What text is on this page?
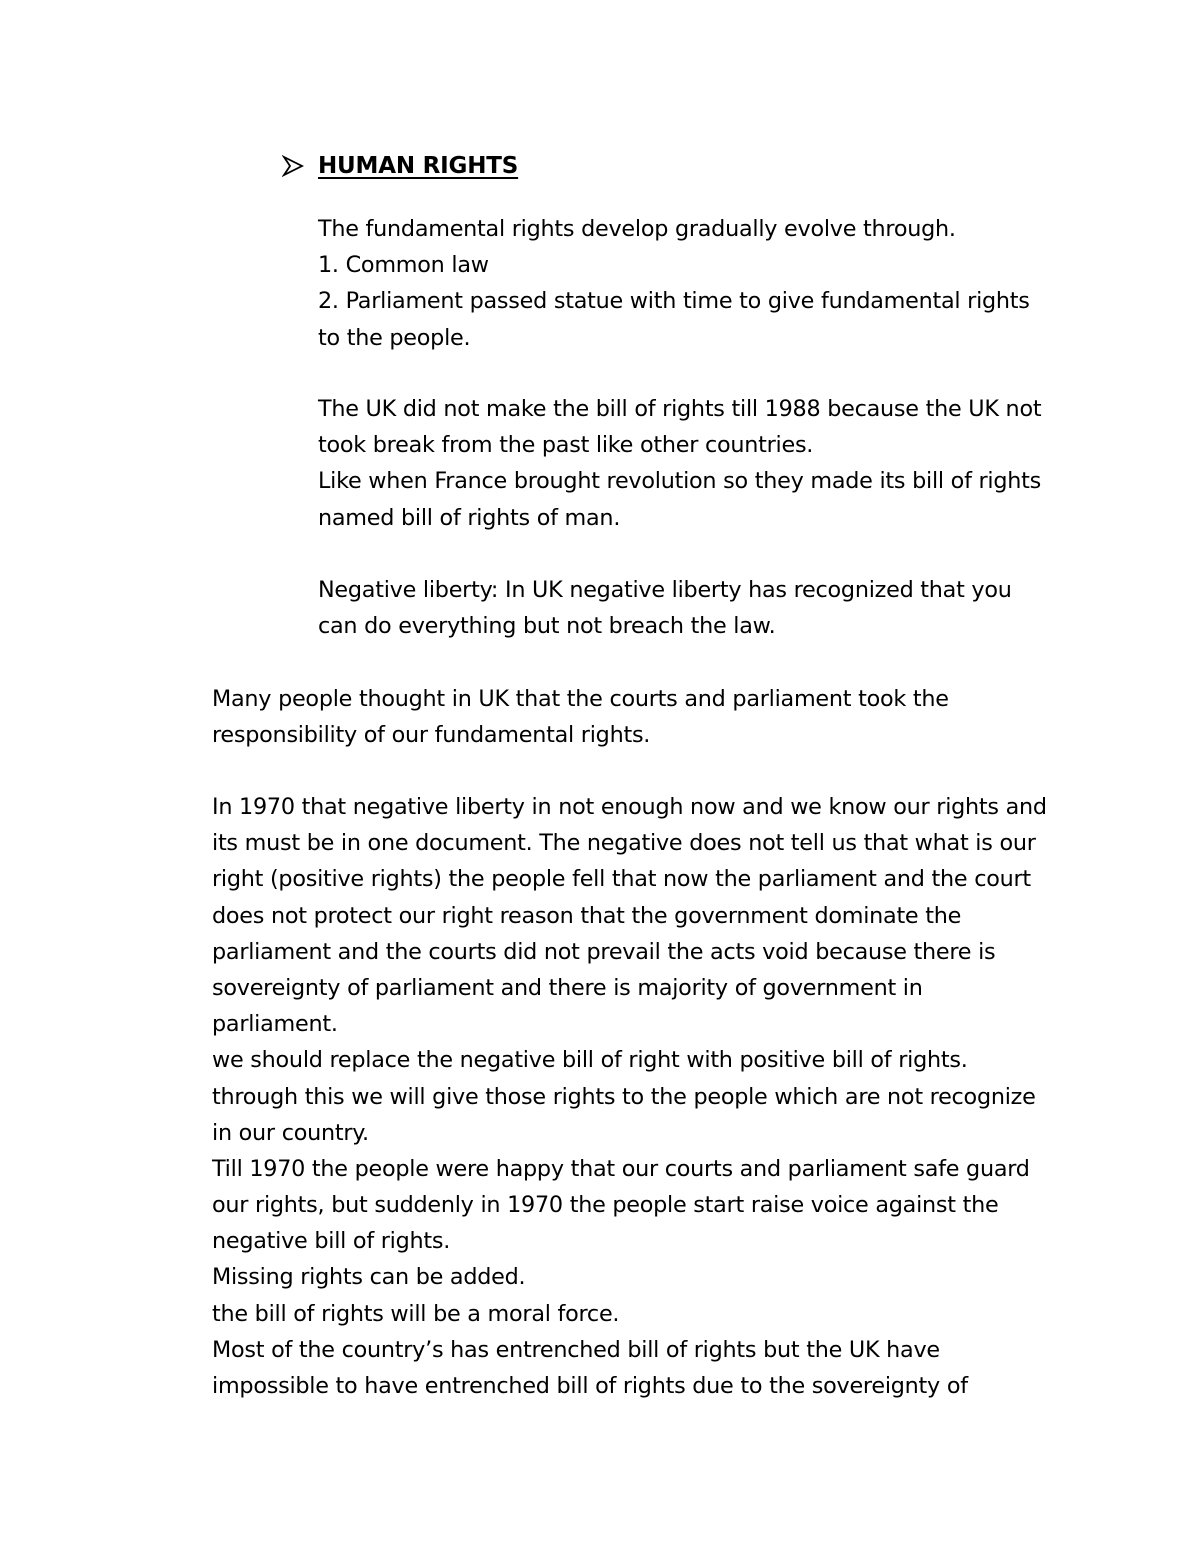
HUMAN RIGHTS
The fundamental rights develop gradually evolve through.
1. Common law
2. Parliament passed statue with time to give fundamental rights
to the people.
The UK did not make the bill of rights till 1988 because the UK not
took break from the past like other countries.
Like when France brought revolution so they made its bill of rights
named bill of rights of man.
Negative liberty: In UK negative liberty has recognized that you
can do everything but not breach the law.
Many people thought in UK that the courts and parliament took the
responsibility of our fundamental rights.
In 1970 that negative liberty in not enough now and we know our rights and
its must be in one document. The negative does not tell us that what is our
right (positive rights) the people fell that now the parliament and the court
does not protect our right reason that the government dominate the
parliament and the courts did not prevail the acts void because there is
sovereignty of parliament and there is majority of government in
parliament.
we should replace the negative bill of right with positive bill of rights.
through this we will give those rights to the people which are not recognize
in our country.
Till 1970 the people were happy that our courts and parliament safe guard
our rights, but suddenly in 1970 the people start raise voice against the
negative bill of rights.
Missing rights can be added.
the bill of rights will be a moral force.
Most of the country’s has entrenched bill of rights but the UK have
impossible to have entrenched bill of rights due to the sovereignty of
